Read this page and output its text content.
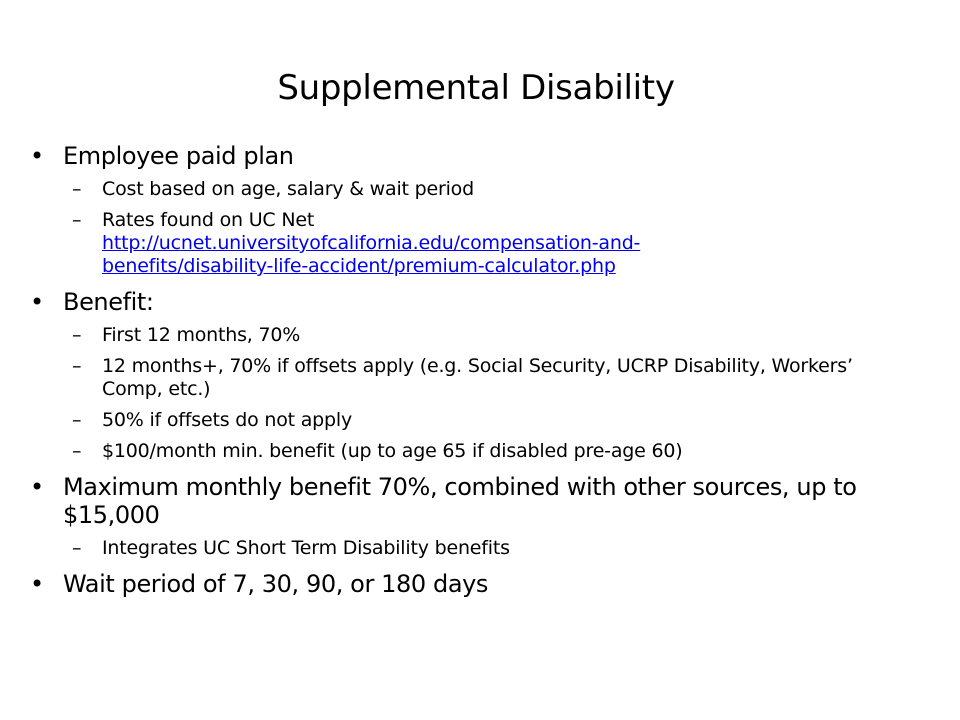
Supplemental Disability
• Employee paid plan
– Cost based on age, salary & wait period
– Rates found on UC Net
http://ucnet.universityofcalifornia.edu/compensation-and-
benefits/disability-life-accident/premium-calculator.php
• Benefit:
– First 12 months, 70%
– 12 months+, 70% if offsets apply (e.g. Social Security, UCRP Disability, Workers’ Comp, etc.)
– 50% if offsets do not apply
– $100/month min. benefit (up to age 65 if disabled pre-age 60)
• Maximum monthly benefit 70%, combined with other sources, up to $15,000
– Integrates UC Short Term Disability benefits
• Wait period of 7, 30, 90, or 180 days
